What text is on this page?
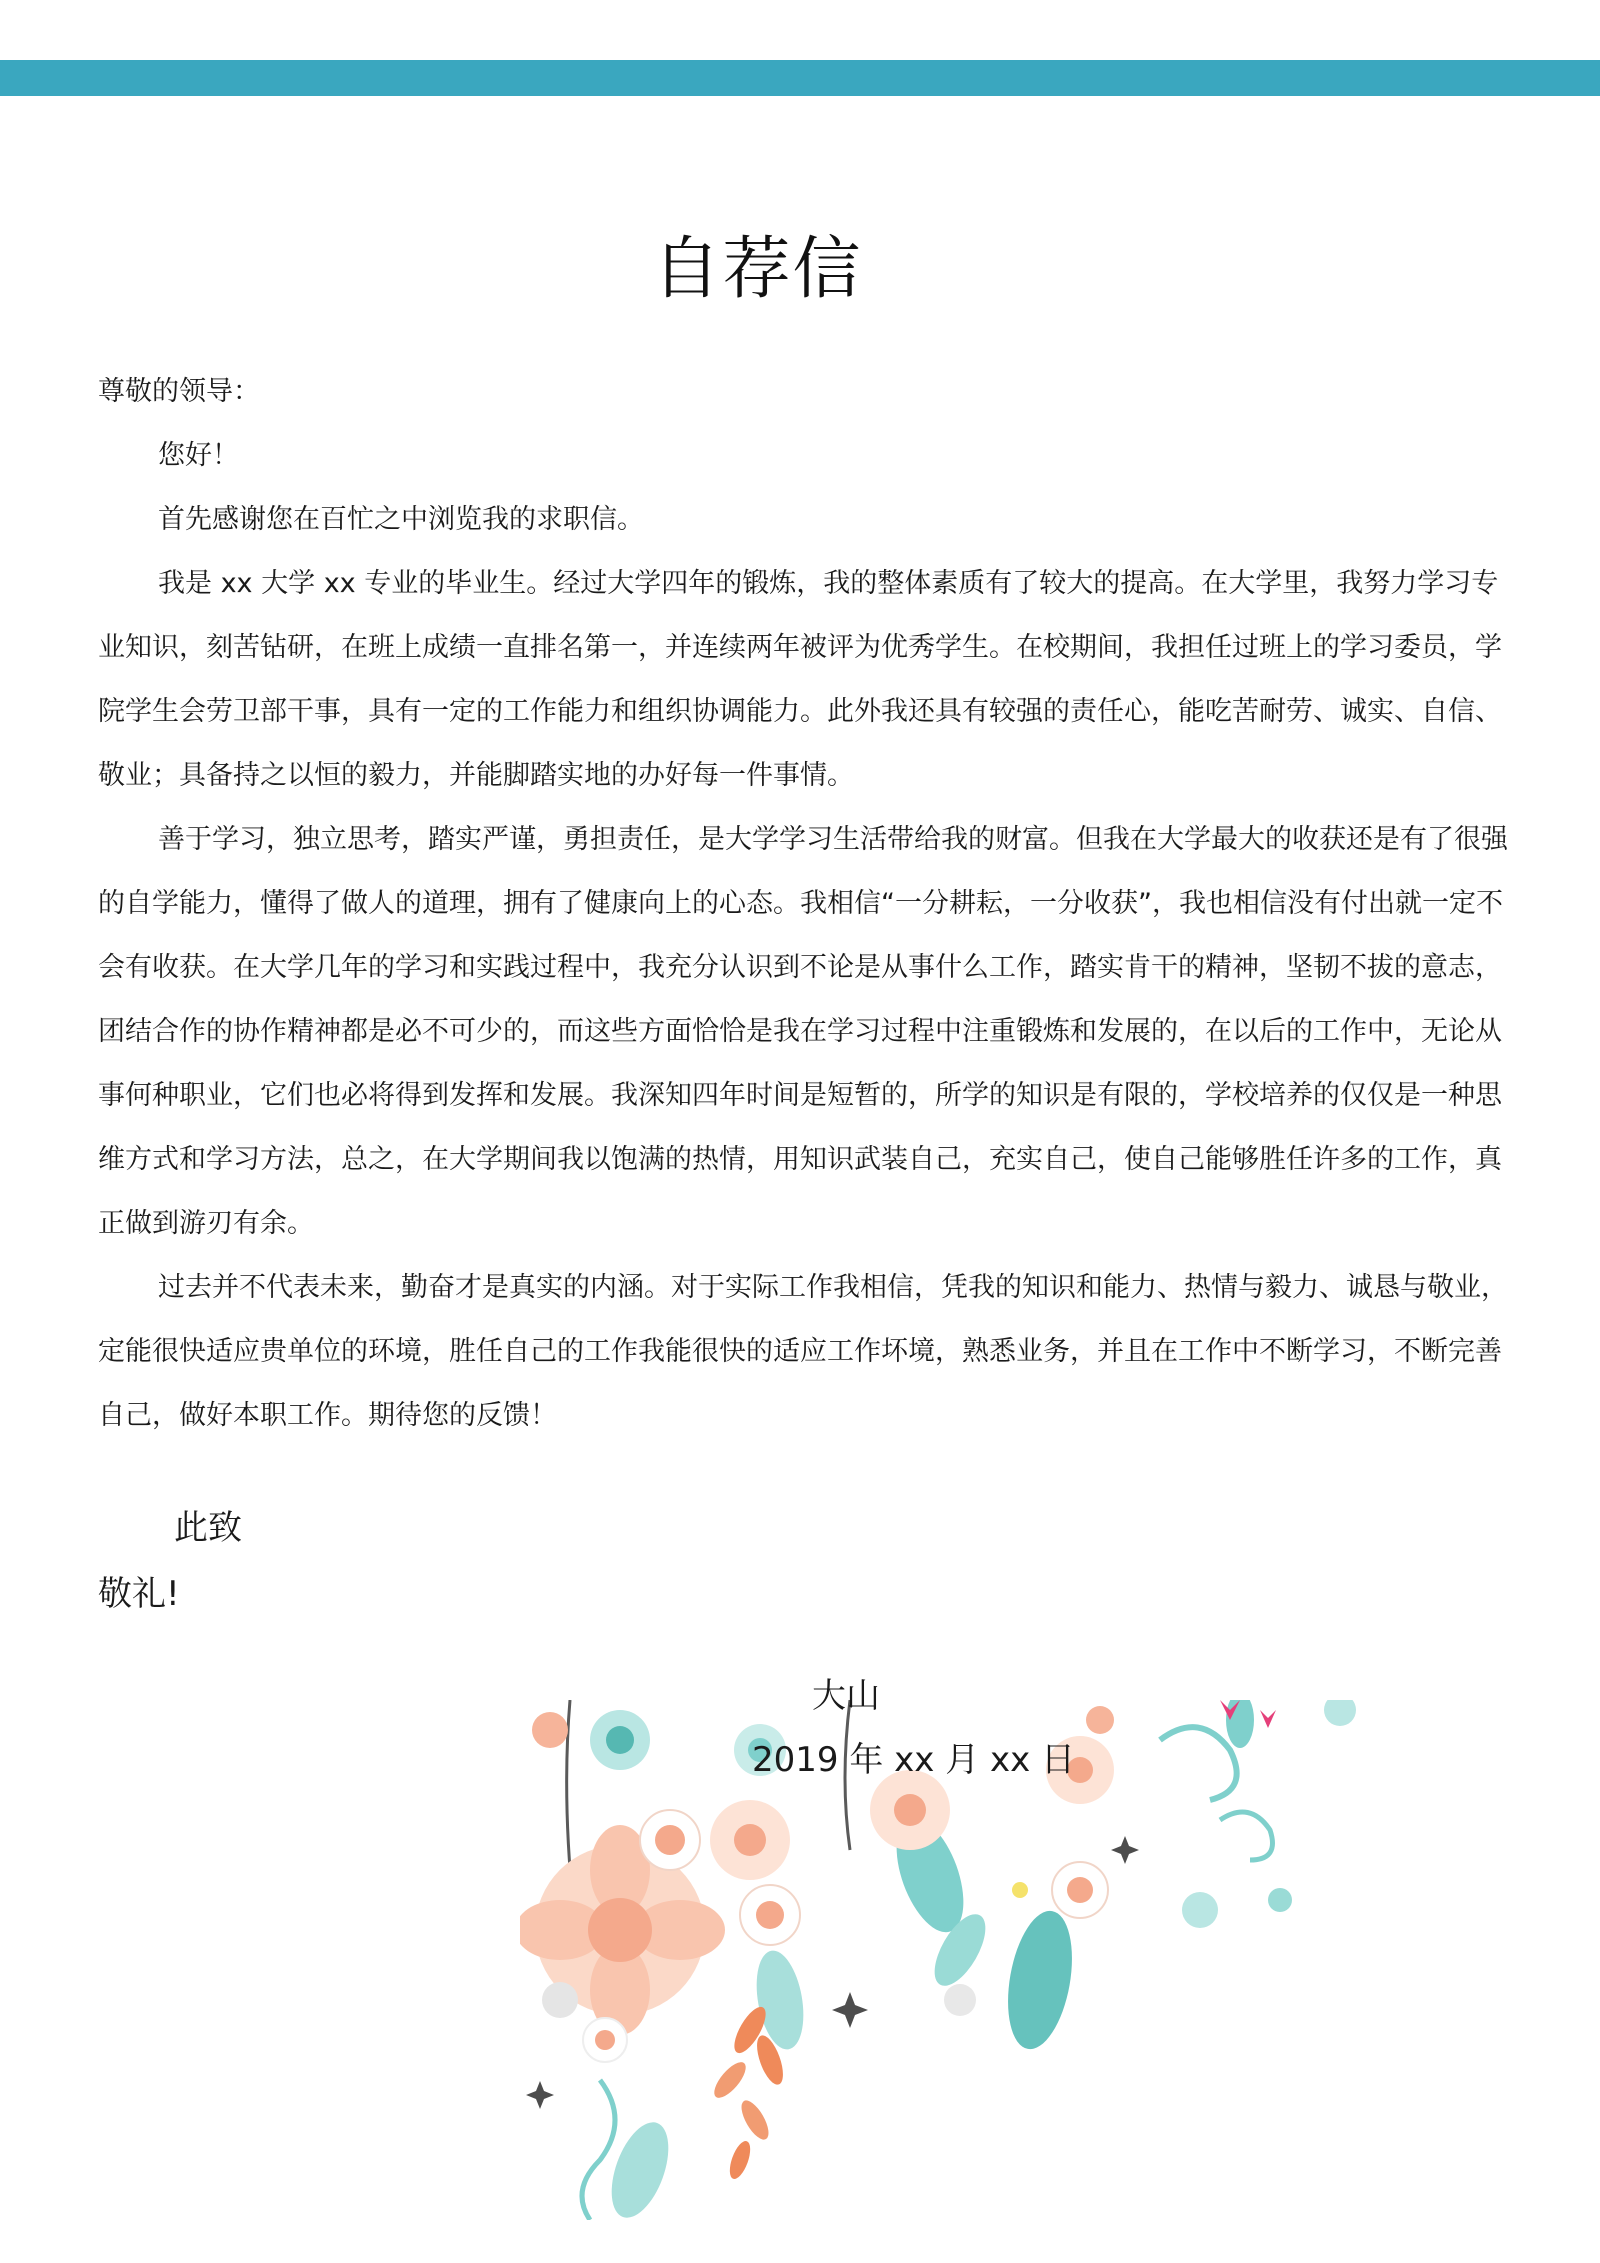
自荐信

尊敬的领导：

您好！

首先感谢您在百忙之中浏览我的求职信。

我是 xx 大学 xx 专业的毕业生。经过大学四年的锻炼，我的整体素质有了较大的提高。在大学里，我努力学习专业知识，刻苦钻研，在班上成绩一直排名第一，并连续两年被评为优秀学生。在校期间，我担任过班上的学习委员，学院学生会劳卫部干事，具有一定的工作能力和组织协调能力。此外我还具有较强的责任心，能吃苦耐劳、诚实、自信、敬业；具备持之以恒的毅力，并能脚踏实地的办好每一件事情。

善于学习，独立思考，踏实严谨，勇担责任，是大学学习生活带给我的财富。但我在大学最大的收获还是有了很强的自学能力，懂得了做人的道理，拥有了健康向上的心态。我相信“一分耕耘，一分收获”，我也相信没有付出就一定不会有收获。在大学几年的学习和实践过程中，我充分认识到不论是从事什么工作，踏实肯干的精神，坚韧不拔的意志，团结合作的协作精神都是必不可少的，而这些方面恰恰是我在学习过程中注重锻炼和发展的，在以后的工作中，无论从事何种职业，它们也必将得到发挥和发展。我深知四年时间是短暂的，所学的知识是有限的，学校培养的仅仅是一种思维方式和学习方法，总之，在大学期间我以饱满的热情，用知识武装自己，充实自己，使自己能够胜任许多的工作，真正做到游刃有余。

过去并不代表未来，勤奋才是真实的内涵。对于实际工作我相信，凭我的知识和能力、热情与毅力、诚恳与敬业，定能很快适应贵单位的环境，胜任自己的工作我能很快的适应工作坏境，熟悉业务，并且在工作中不断学习，不断完善自己，做好本职工作。期待您的反馈！

此致
敬礼!
大山
2019 年 xx 月 xx 日
